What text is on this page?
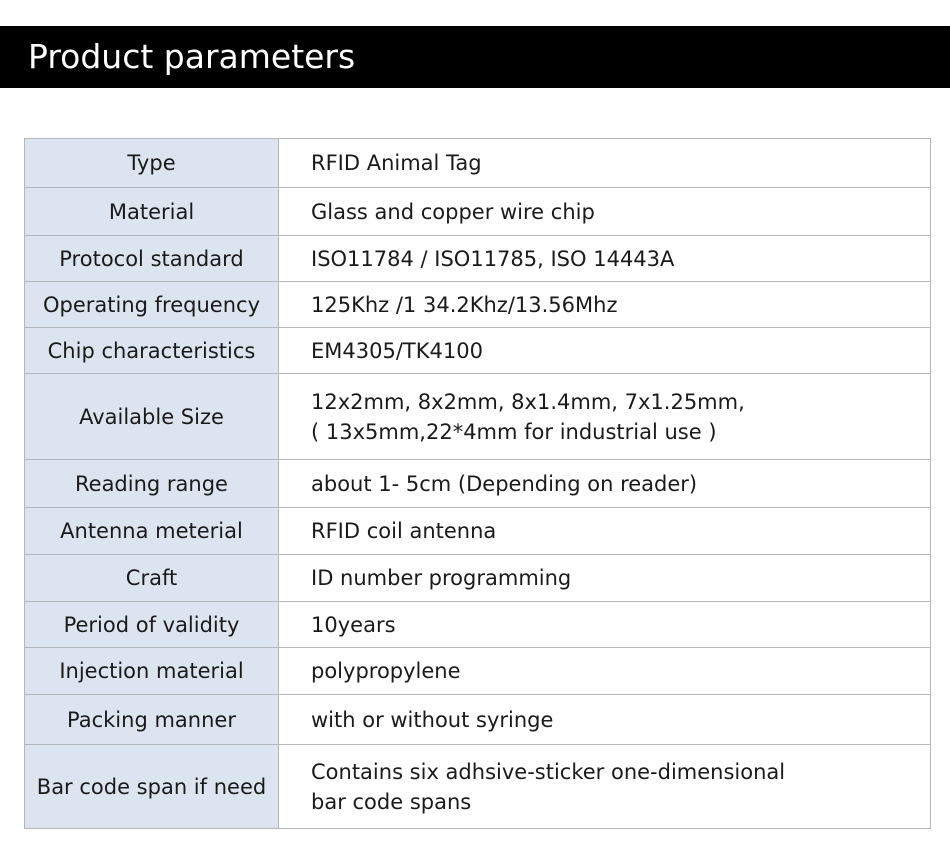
Product parameters
Type	RFID Animal Tag
Material	Glass and copper wire chip
Protocol standard	ISO11784 / ISO11785, ISO 14443A
Operating frequency	125Khz /1 34.2Khz/13.56Mhz
Chip characteristics	EM4305/TK4100
Available Size	12x2mm, 8x2mm, 8x1.4mm, 7x1.25mm,
( 13x5mm,22*4mm for industrial use )
Reading range	about 1- 5cm (Depending on reader)
Antenna meterial	RFID coil antenna
Craft	ID number programming
Period of validity	10years
Injection material	polypropylene
Packing manner	with or without syringe
Bar code span if need	Contains six adhsive-sticker one-dimensional
bar code spans
